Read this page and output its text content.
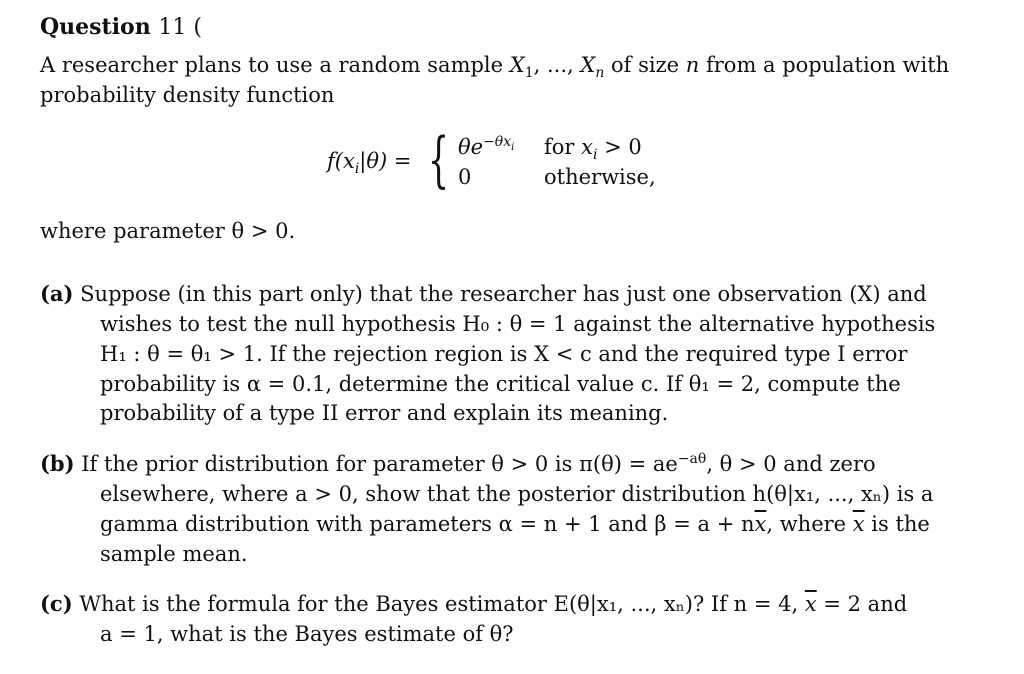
Question 11 (
A researcher plans to use a random sample $X_1$, ..., $X_n$ of size n from a population with
probability density function
$f(x_i|\theta)$ = { $\theta e^{-\theta x_i}$
0
for $x_i > 0$
otherwise,
where parameter θ > 0.
(a) Suppose (in this part only) that the researcher has just one observation (X) and
wishes to test the null hypothesis H₀ : θ = 1 against the alternative hypothesis
H₁ : θ = θ₁ > 1. If the rejection region is X < c and the required type I error
probability is α = 0.1, determine the critical value c. If θ₁ = 2, compute the
probability of a type II error and explain its meaning.
(b) If the prior distribution for parameter θ > 0 is $\pi(\theta) = ae^{-a\theta}$, θ > 0 and zero
elsewhere, where a > 0, show that the posterior distribution h(θ|x₁, ..., xₙ) is a
gamma distribution with parameters α = n + 1 and $\beta = a + n\overline{x}$, where $\overline{x}$ is the
sample mean.
(c) What is the formula for the Bayes estimator E(θ|x₁, ..., xₙ)? If n = 4, $\overline{x} = 2$ and
a = 1, what is the Bayes estimate of θ?
